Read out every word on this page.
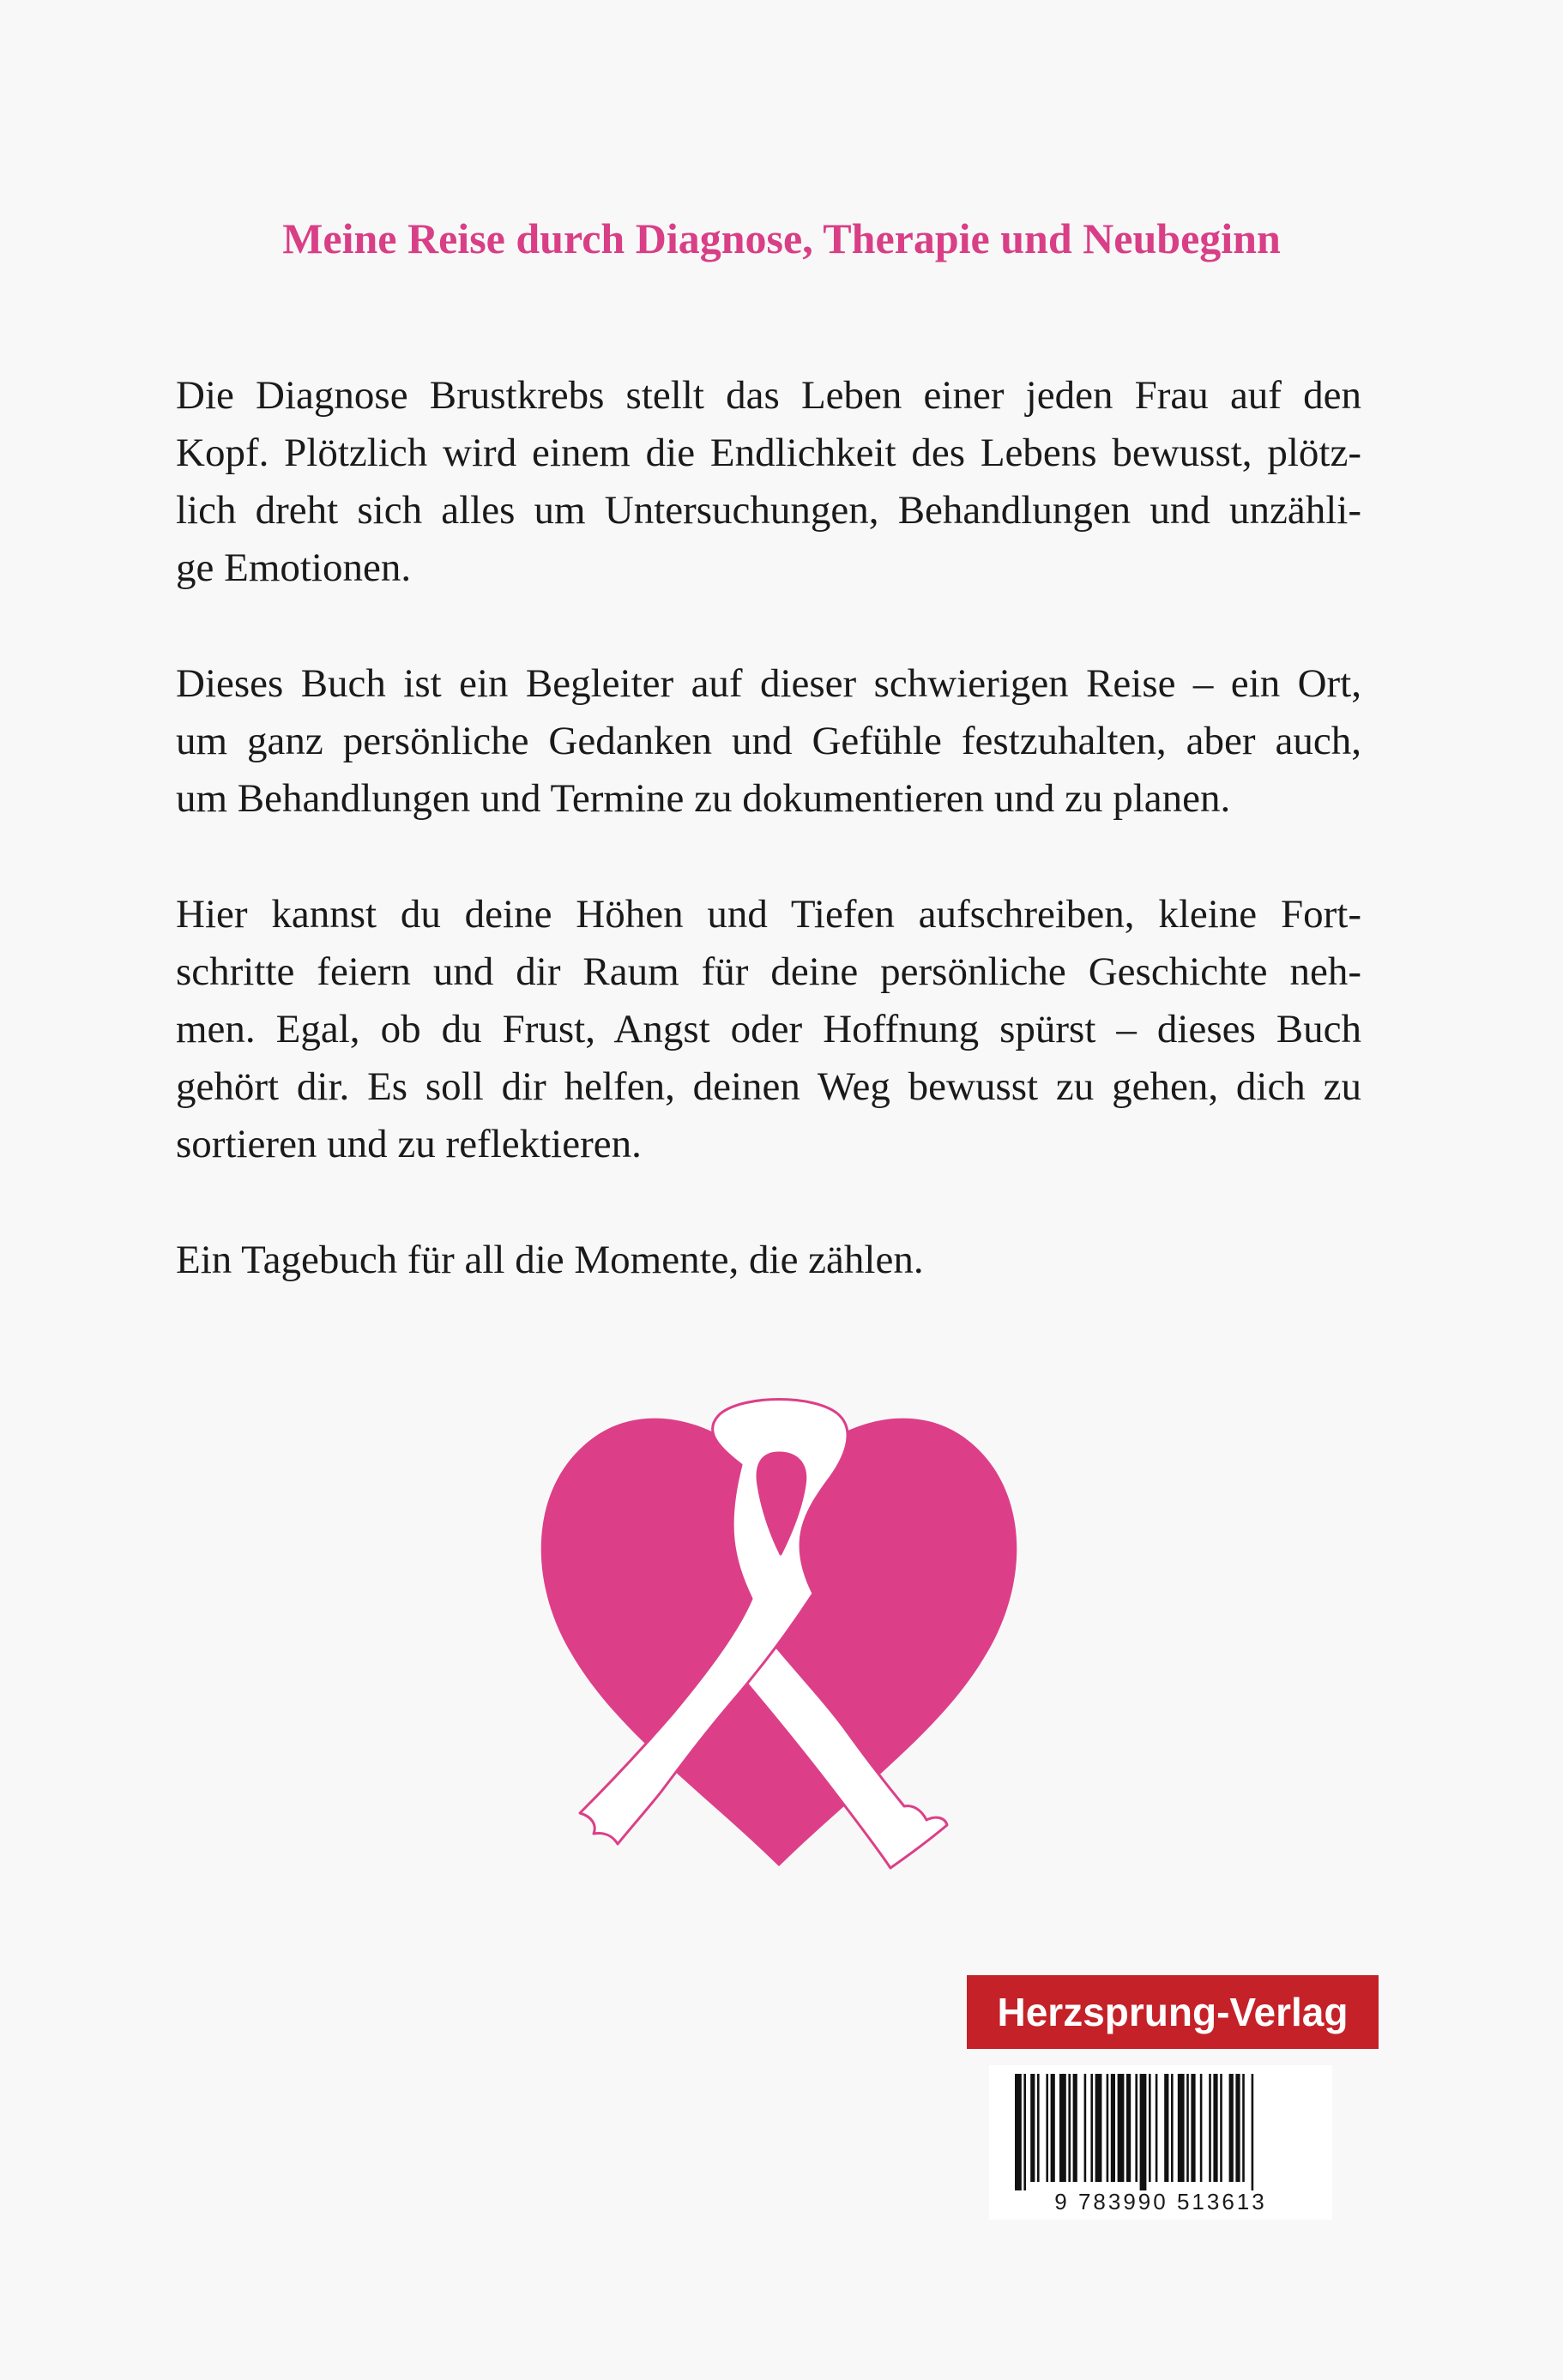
Meine Reise durch Diagnose, Therapie und Neubeginn

Die Diagnose Brustkrebs stellt das Leben einer jeden Frau auf den
Kopf. Plötzlich wird einem die Endlichkeit des Lebens bewusst, plötz-
lich dreht sich alles um Untersuchungen, Behandlungen und unzähli-
ge Emotionen.

Dieses Buch ist ein Begleiter auf dieser schwierigen Reise – ein Ort,
um ganz persönliche Gedanken und Gefühle festzuhalten, aber auch,
um Behandlungen und Termine zu dokumentieren und zu planen.

Hier kannst du deine Höhen und Tiefen aufschreiben, kleine Fort-
schritte feiern und dir Raum für deine persönliche Geschichte neh-
men. Egal, ob du Frust, Angst oder Hoffnung spürst – dieses Buch
gehört dir. Es soll dir helfen, deinen Weg bewusst zu gehen, dich zu
sortieren und zu reflektieren.

Ein Tagebuch für all die Momente, die zählen.

Herzsprung-Verlag
9 783990 513613
